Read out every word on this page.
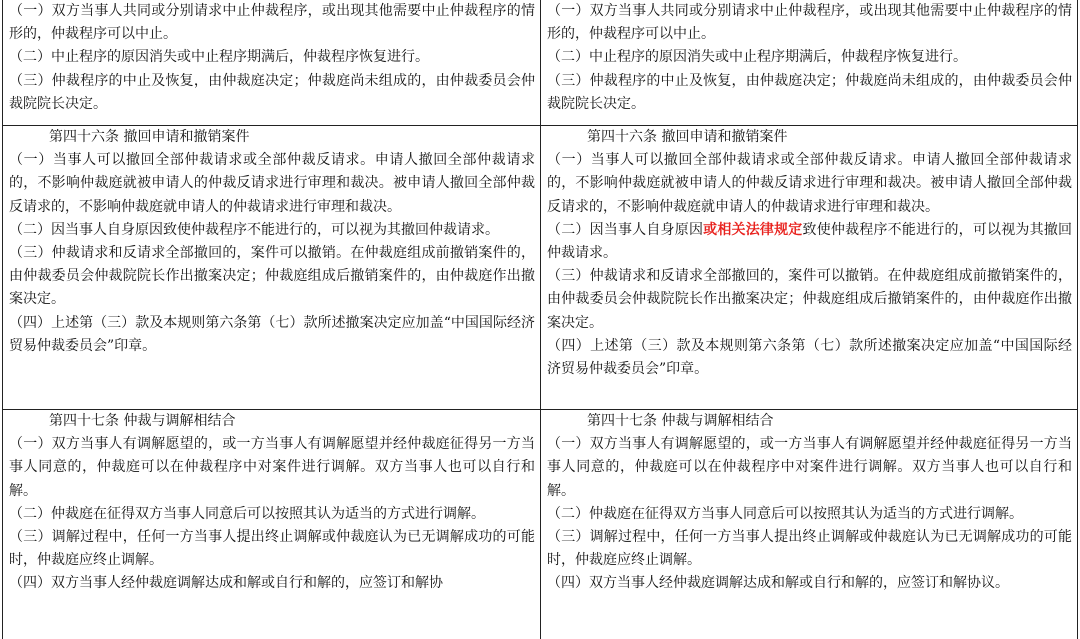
（一）双方当事人共同或分别请求中止仲裁程序，或出现其他需要中止仲裁程序的情形的，仲裁程序可以中止。

（二）中止程序的原因消失或中止程序期满后，仲裁程序恢复进行。

（三）仲裁程序的中止及恢复，由仲裁庭决定；仲裁庭尚未组成的，由仲裁委员会仲裁院院长决定。

（一）双方当事人共同或分别请求中止仲裁程序，或出现其他需要中止仲裁程序的情形的，仲裁程序可以中止。

（二）中止程序的原因消失或中止程序期满后，仲裁程序恢复进行。

（三）仲裁程序的中止及恢复，由仲裁庭决定；仲裁庭尚未组成的，由仲裁委员会仲裁院院长决定。

第四十六条 撤回申请和撤销案件

（一）当事人可以撤回全部仲裁请求或全部仲裁反请求。申请人撤回全部仲裁请求的，不影响仲裁庭就被申请人的仲裁反请求进行审理和裁决。被申请人撤回全部仲裁反请求的，不影响仲裁庭就申请人的仲裁请求进行审理和裁决。

（二）因当事人自身原因致使仲裁程序不能进行的，可以视为其撤回仲裁请求。

（三）仲裁请求和反请求全部撤回的，案件可以撤销。在仲裁庭组成前撤销案件的，由仲裁委员会仲裁院院长作出撤案决定；仲裁庭组成后撤销案件的，由仲裁庭作出撤案决定。

（四）上述第（三）款及本规则第六条第（七）款所述撤案决定应加盖“中国国际经济贸易仲裁委员会”印章。

第四十六条 撤回申请和撤销案件

（一）当事人可以撤回全部仲裁请求或全部仲裁反请求。申请人撤回全部仲裁请求的，不影响仲裁庭就被申请人的仲裁反请求进行审理和裁决。被申请人撤回全部仲裁反请求的，不影响仲裁庭就申请人的仲裁请求进行审理和裁决。

（二）因当事人自身原因或相关法律规定致使仲裁程序不能进行的，可以视为其撤回仲裁请求。

（三）仲裁请求和反请求全部撤回的，案件可以撤销。在仲裁庭组成前撤销案件的，由仲裁委员会仲裁院院长作出撤案决定；仲裁庭组成后撤销案件的，由仲裁庭作出撤案决定。

（四）上述第（三）款及本规则第六条第（七）款所述撤案决定应加盖“中国国际经济贸易仲裁委员会”印章。

第四十七条 仲裁与调解相结合

（一）双方当事人有调解愿望的，或一方当事人有调解愿望并经仲裁庭征得另一方当事人同意的，仲裁庭可以在仲裁程序中对案件进行调解。双方当事人也可以自行和解。

（二）仲裁庭在征得双方当事人同意后可以按照其认为适当的方式进行调解。

（三）调解过程中，任何一方当事人提出终止调解或仲裁庭认为已无调解成功的可能时，仲裁庭应终止调解。

（四）双方当事人经仲裁庭调解达成和解或自行和解的，应签订和解协

第四十七条 仲裁与调解相结合

（一）双方当事人有调解愿望的，或一方当事人有调解愿望并经仲裁庭征得另一方当事人同意的，仲裁庭可以在仲裁程序中对案件进行调解。双方当事人也可以自行和解。

（二）仲裁庭在征得双方当事人同意后可以按照其认为适当的方式进行调解。

（三）调解过程中，任何一方当事人提出终止调解或仲裁庭认为已无调解成功的可能时，仲裁庭应终止调解。

（四）双方当事人经仲裁庭调解达成和解或自行和解的，应签订和解协议。
